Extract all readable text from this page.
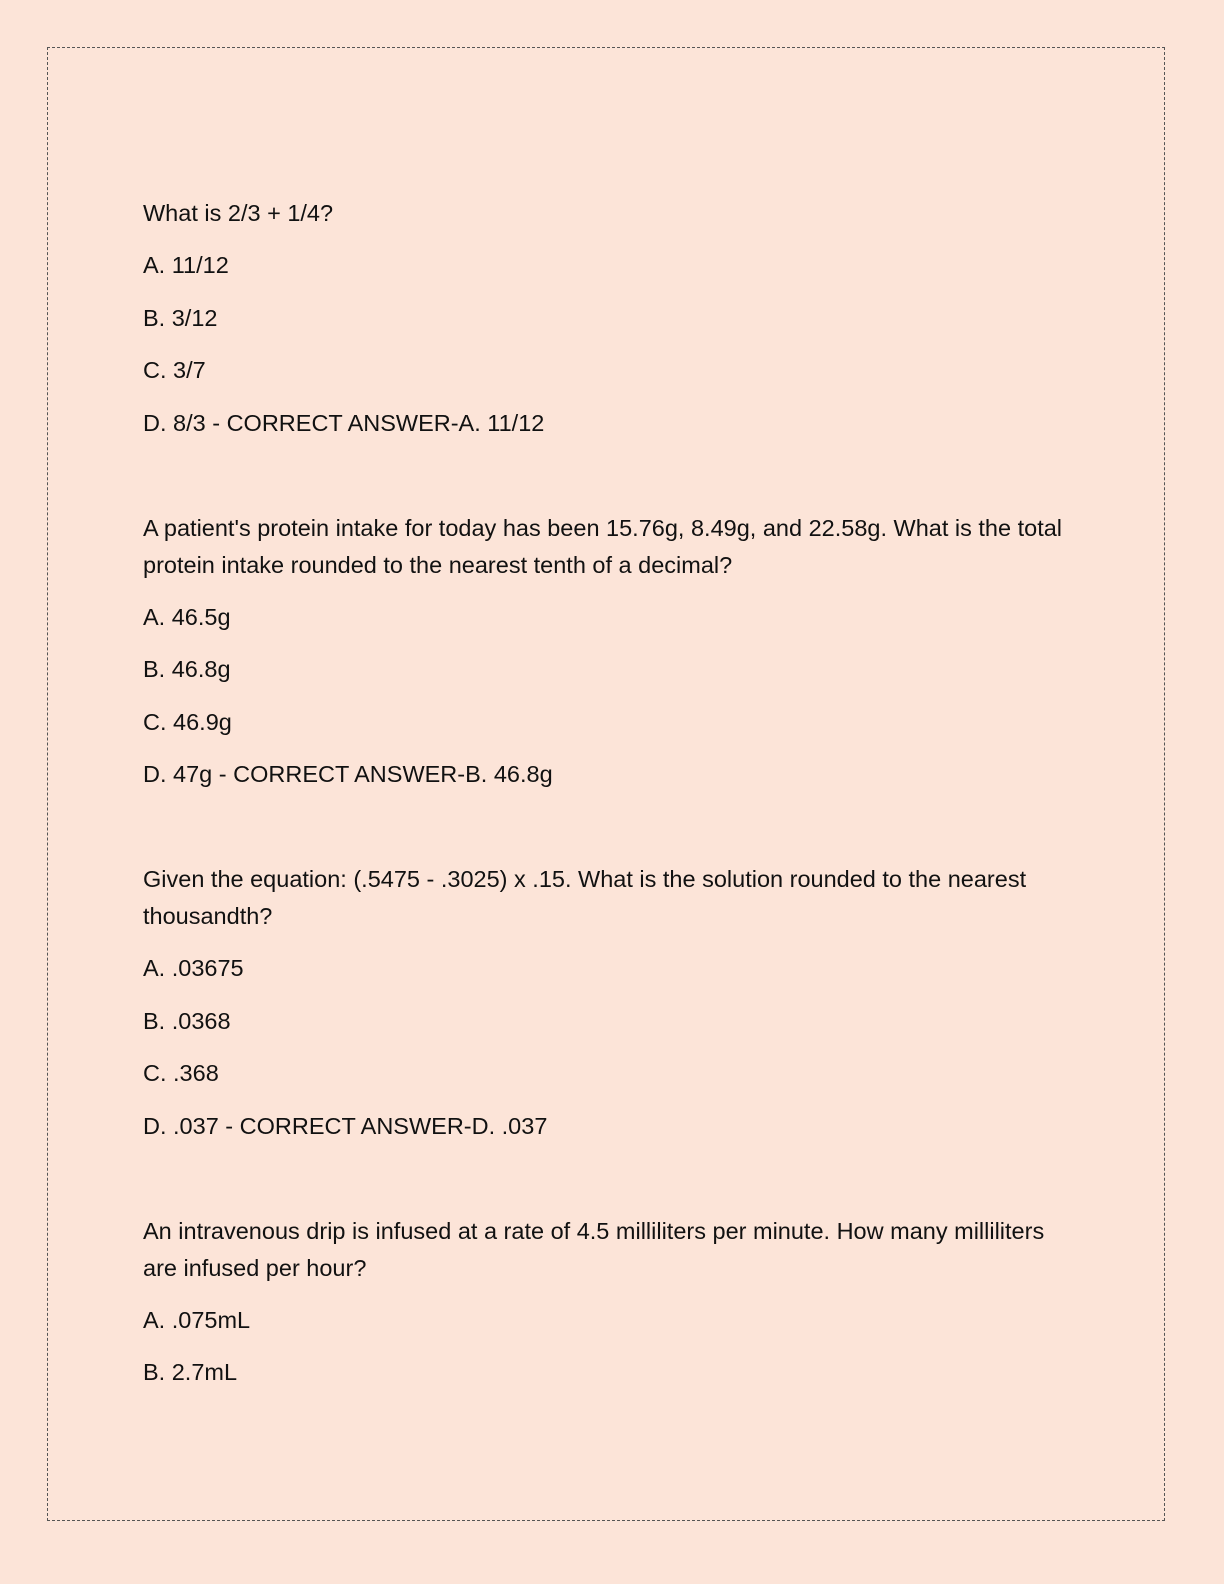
What is 2/3 + 1/4?
A. 11/12
B. 3/12
C. 3/7
D. 8/3 - CORRECT ANSWER-A. 11/12
A patient's protein intake for today has been 15.76g, 8.49g, and 22.58g. What is the total protein intake rounded to the nearest tenth of a decimal?
A. 46.5g
B. 46.8g
C. 46.9g
D. 47g - CORRECT ANSWER-B. 46.8g
Given the equation: (.5475 - .3025) x .15. What is the solution rounded to the nearest thousandth?
A. .03675
B. .0368
C. .368
D. .037 - CORRECT ANSWER-D. .037
An intravenous drip is infused at a rate of 4.5 milliliters per minute. How many milliliters are infused per hour?
A. .075mL
B. 2.7mL
